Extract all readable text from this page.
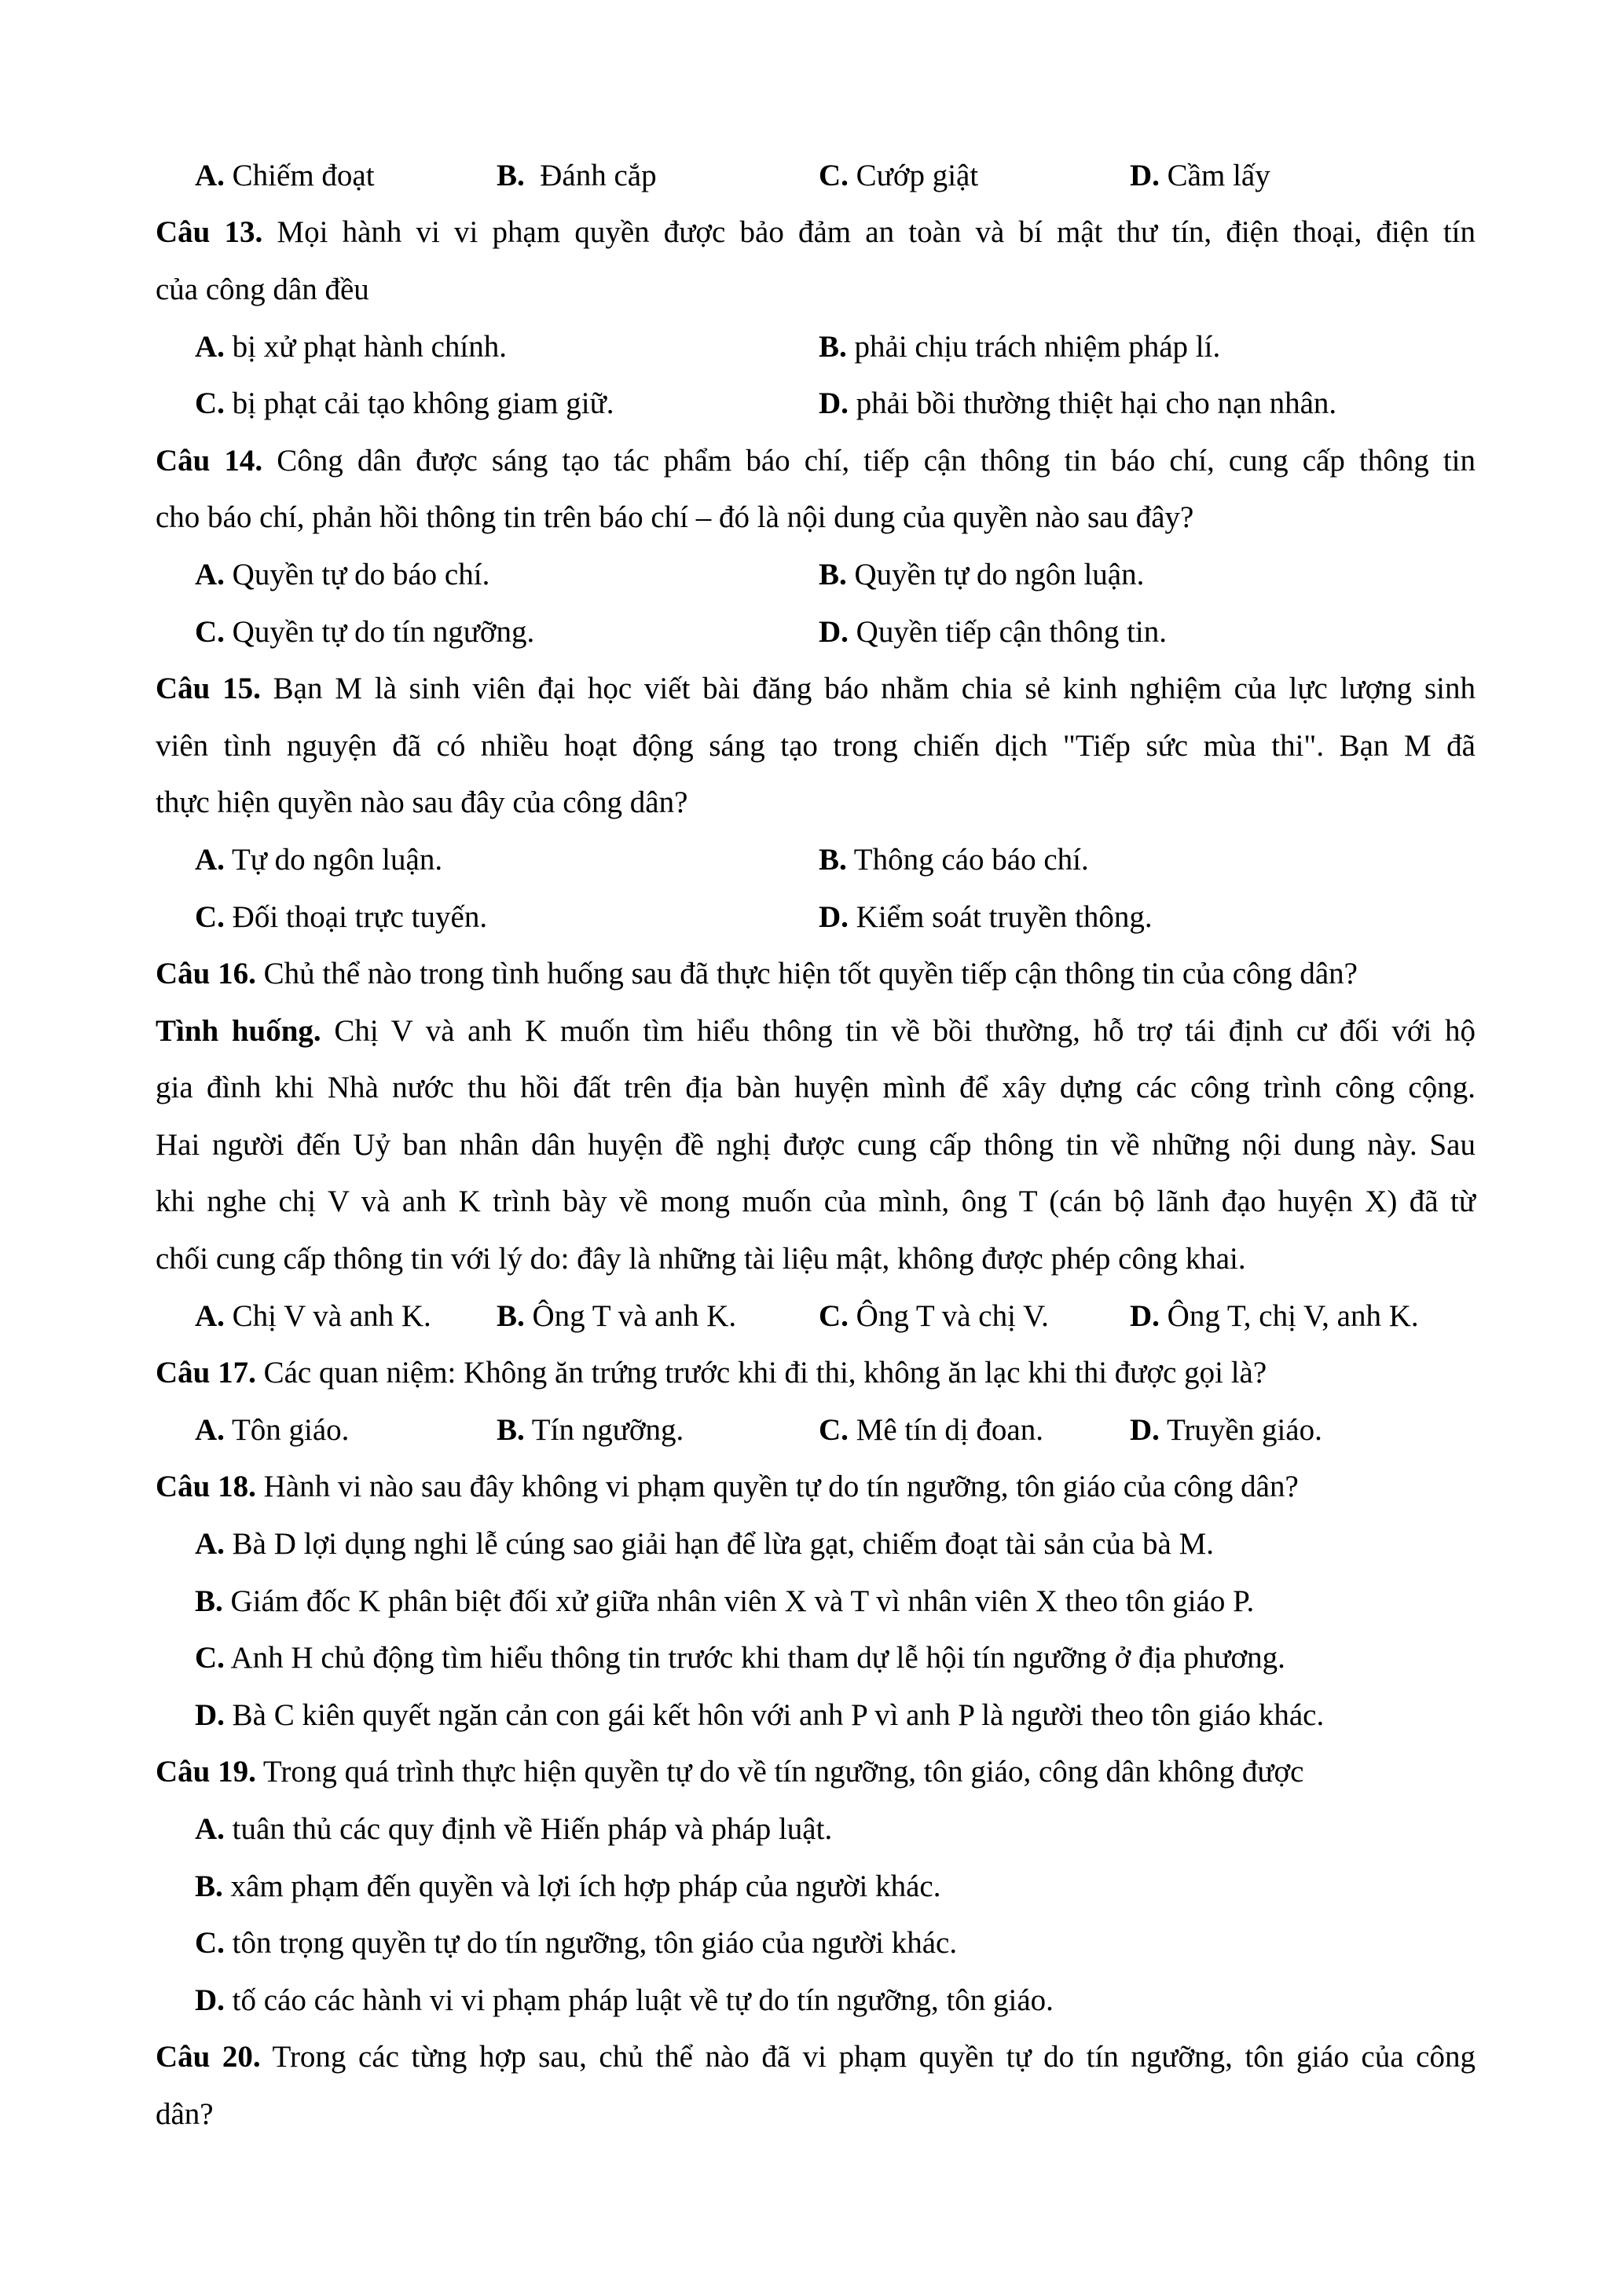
A. Chiếm đoạt	B.  Đánh cắp	C. Cướp giật	D. Cầm lấy
Câu 13. Mọi hành vi vi phạm quyền được bảo đảm an toàn và bí mật thư tín, điện thoại, điện tín
của công dân đều
A. bị xử phạt hành chính.	B. phải chịu trách nhiệm pháp lí.
C. bị phạt cải tạo không giam giữ.	D. phải bồi thường thiệt hại cho nạn nhân.
Câu 14. Công dân được sáng tạo tác phẩm báo chí, tiếp cận thông tin báo chí, cung cấp thông tin
cho báo chí, phản hồi thông tin trên báo chí – đó là nội dung của quyền nào sau đây?
A. Quyền tự do báo chí.	B. Quyền tự do ngôn luận.
C. Quyền tự do tín ngưỡng.	D. Quyền tiếp cận thông tin.
Câu 15. Bạn M là sinh viên đại học viết bài đăng báo nhằm chia sẻ kinh nghiệm của lực lượng sinh
viên tình nguyện đã có nhiều hoạt động sáng tạo trong chiến dịch "Tiếp sức mùa thi". Bạn M đã
thực hiện quyền nào sau đây của công dân?
A. Tự do ngôn luận.	B. Thông cáo báo chí.
C. Đối thoại trực tuyến.	D. Kiểm soát truyền thông.
Câu 16. Chủ thể nào trong tình huống sau đã thực hiện tốt quyền tiếp cận thông tin của công dân?
Tình huống. Chị V và anh K muốn tìm hiểu thông tin về bồi thường, hỗ trợ tái định cư đối với hộ
gia đình khi Nhà nước thu hồi đất trên địa bàn huyện mình để xây dựng các công trình công cộng.
Hai người đến Uỷ ban nhân dân huyện đề nghị được cung cấp thông tin về những nội dung này. Sau
khi nghe chị V và anh K trình bày về mong muốn của mình, ông T (cán bộ lãnh đạo huyện X) đã từ
chối cung cấp thông tin với lý do: đây là những tài liệu mật, không được phép công khai.
A. Chị V và anh K. B. Ông T và anh K.	C. Ông T và chị V.	D. Ông T, chị V, anh K.
Câu 17. Các quan niệm: Không ăn trứng trước khi đi thi, không ăn lạc khi thi được gọi là?
A. Tôn giáo.	B. Tín ngưỡng.	C. Mê tín dị đoan.	D. Truyền giáo.
Câu 18. Hành vi nào sau đây không vi phạm quyền tự do tín ngưỡng, tôn giáo của công dân?
A. Bà D lợi dụng nghi lễ cúng sao giải hạn để lừa gạt, chiếm đoạt tài sản của bà M.
B. Giám đốc K phân biệt đối xử giữa nhân viên X và T vì nhân viên X theo tôn giáo P.
C. Anh H chủ động tìm hiểu thông tin trước khi tham dự lễ hội tín ngưỡng ở địa phương.
D. Bà C kiên quyết ngăn cản con gái kết hôn với anh P vì anh P là người theo tôn giáo khác.
Câu 19. Trong quá trình thực hiện quyền tự do về tín ngưỡng, tôn giáo, công dân không được
A. tuân thủ các quy định về Hiến pháp và pháp luật.
B. xâm phạm đến quyền và lợi ích hợp pháp của người khác.
C. tôn trọng quyền tự do tín ngưỡng, tôn giáo của người khác.
D. tố cáo các hành vi vi phạm pháp luật về tự do tín ngưỡng, tôn giáo.
Câu 20. Trong các từng hợp sau, chủ thể nào đã vi phạm quyền tự do tín ngưỡng, tôn giáo của công
dân?
